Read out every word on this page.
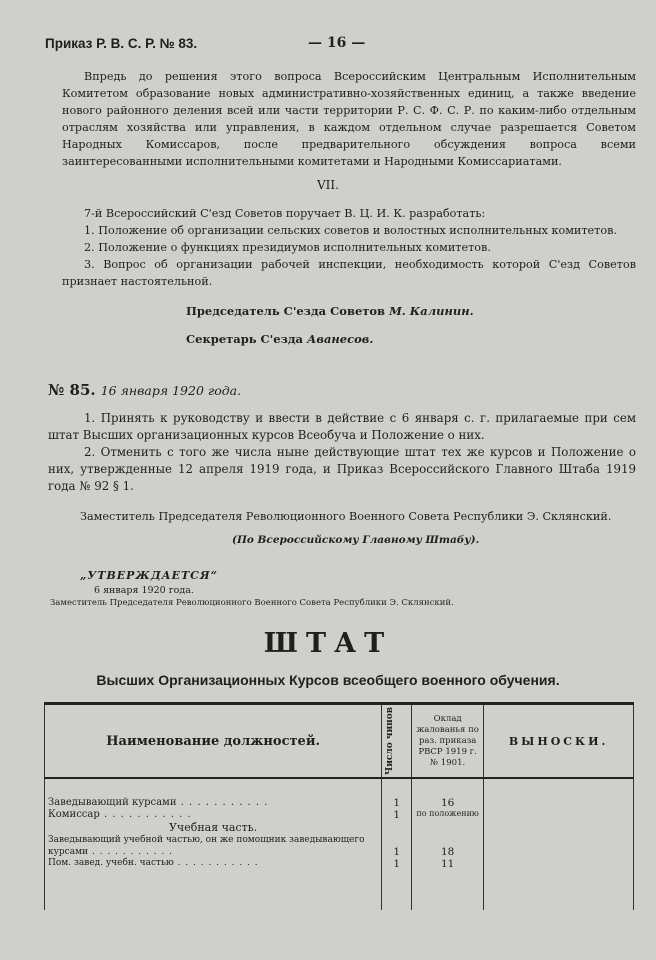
Приказ Р. В. С. Р. № 83.	— 16 —

Впредь до решения этого вопроса Всероссийским Центральным Исполнительным Комитетом образование новых административно-хозяйственных единиц, а также введение нового районного деления всей или части территории Р. С. Ф. С. Р. по каким-либо отдельным отраслям хозяйства или управления, в каждом отдельном случае разрешается Советом Народных Комиссаров, после предварительного обсуждения вопроса всеми заинтересованными исполнительными комитетами и Народными Комиссариатами.

VII.

7-й Всероссийский С'езд Советов поручает В. Ц. И. К. разработать:

1. Положение об организации сельских советов и волостных исполнительных комитетов.

2. Положение о функциях президиумов исполнительных комитетов.

3. Вопрос об организации рабочей инспекции, необходимость которой С'езд Советов признает настоятельной.

Председатель С'езда Советов М. Калинин.
Секретарь С'езда Аванесов.
№ 85. 16 января 1920 года.

1. Принять к руководству и ввести в действие с 6 января с. г. прилагаемые при сем штат Высших организационных курсов Всеобуча и Положение о них.

2. Отменить с того же числа ныне действующие штат тех же курсов и Положение о них, утвержденные 12 апреля 1919 года, и Приказ Всероссийского Главного Штаба 1919 года № 92 § 1.

Заместитель Председателя Революционного Военного Совета Республики Э. Склянский.
(По Всероссийскому Главному Штабу).
„УТВЕРЖДАЕТСЯ“
6 января 1920 года.
Заместитель Председателя Революционного Военного Совета Республики Э. Склянский.
ШТАТ
Высших Организационных Курсов всеобщего военного обучения.
Наименование должностей.	Число чинов	Оклад жалованья по раз. приказа РВСР 1919 г. № 1901.	ВЫНОСКИ.

Заведывающий курсами . . .	1	16	
Комиссар . . .	1	по положению	
Учебная часть.			
Заведывающий учебной частью, он же помощник заведывающего курсами . . .	1	18	
Пом. завед. учебн. частью . . .	1	11	
